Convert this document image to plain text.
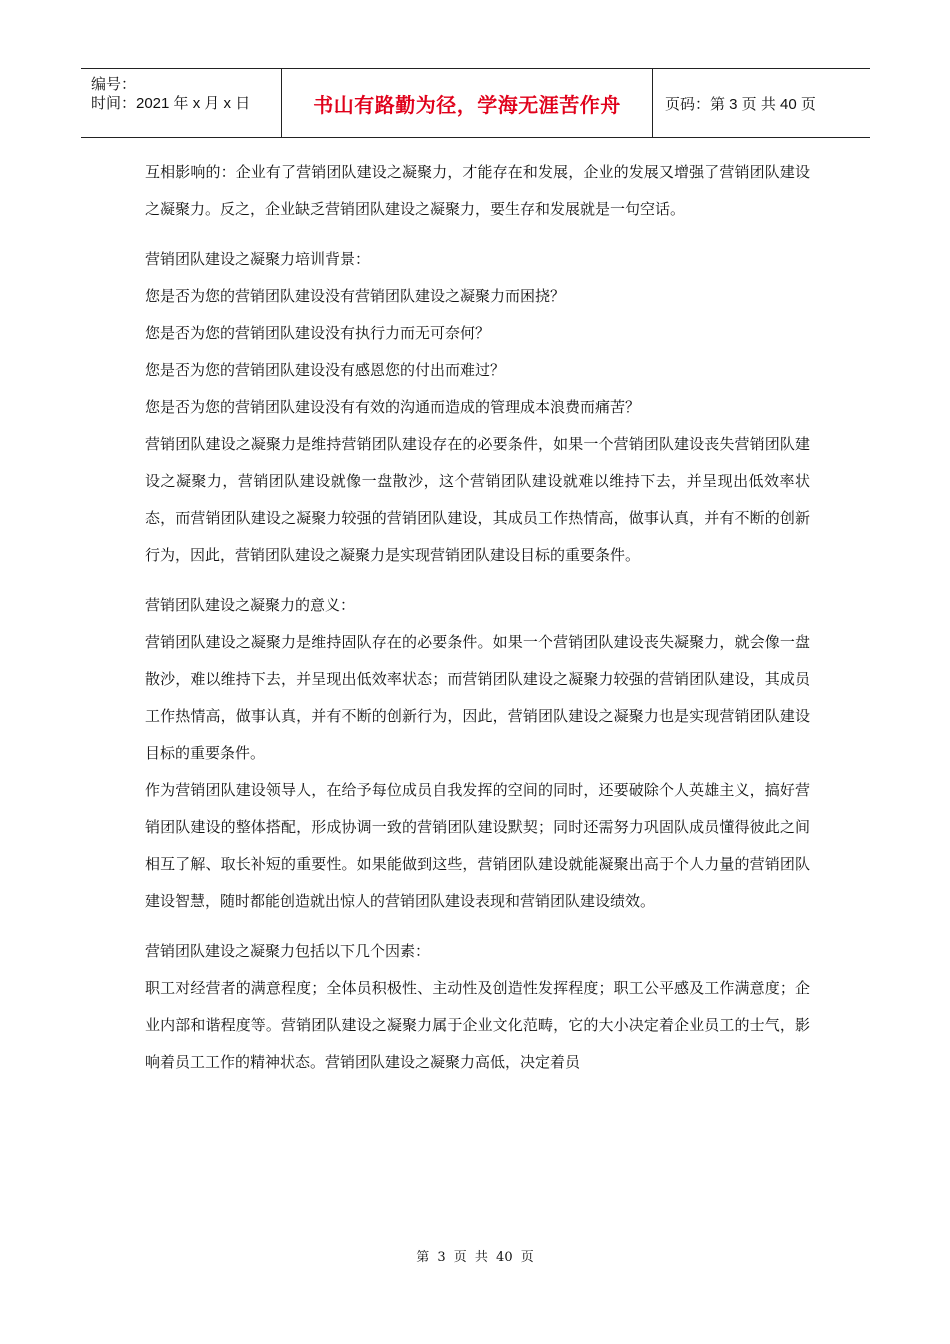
编号：
时间：2021 年 x 月 x 日	书山有路勤为径，学海无涯苦作舟	页码：第 3 页 共 40 页

互相影响的：企业有了营销团队建设之凝聚力，才能存在和发展，企业的发展又增强了营销团队建设之凝聚力。反之，企业缺乏营销团队建设之凝聚力，要生存和发展就是一句空话。

营销团队建设之凝聚力培训背景：

您是否为您的营销团队建设没有营销团队建设之凝聚力而困挠？

您是否为您的营销团队建设没有执行力而无可奈何？

您是否为您的营销团队建设没有感恩您的付出而难过？

您是否为您的营销团队建设没有有效的沟通而造成的管理成本浪费而痛苦？

营销团队建设之凝聚力是维持营销团队建设存在的必要条件，如果一个营销团队建设丧失营销团队建设之凝聚力，营销团队建设就像一盘散沙，这个营销团队建设就难以维持下去，并呈现出低效率状态，而营销团队建设之凝聚力较强的营销团队建设，其成员工作热情高，做事认真，并有不断的创新行为，因此，营销团队建设之凝聚力是实现营销团队建设目标的重要条件。

营销团队建设之凝聚力的意义：

营销团队建设之凝聚力是维持固队存在的必要条件。如果一个营销团队建设丧失凝聚力，就会像一盘散沙，难以维持下去，并呈现出低效率状态；而营销团队建设之凝聚力较强的营销团队建设，其成员工作热情高，做事认真，并有不断的创新行为，因此，营销团队建设之凝聚力也是实现营销团队建设目标的重要条件。

作为营销团队建设领导人，在给予每位成员自我发挥的空间的同时，还要破除个人英雄主义，搞好营销团队建设的整体搭配，形成协调一致的营销团队建设默契；同时还需努力巩固队成员懂得彼此之间相互了解、取长补短的重要性。如果能做到这些，营销团队建设就能凝聚出高于个人力量的营销团队建设智慧，随时都能创造就出惊人的营销团队建设表现和营销团队建设绩效。

营销团队建设之凝聚力包括以下几个因素：

职工对经营者的满意程度；全体员积极性、主动性及创造性发挥程度；职工公平感及工作满意度；企业内部和谐程度等。营销团队建设之凝聚力属于企业文化范畴，它的大小决定着企业员工的士气，影响着员工工作的精神状态。营销团队建设之凝聚力高低，决定着员

第 3 页 共 40 页
